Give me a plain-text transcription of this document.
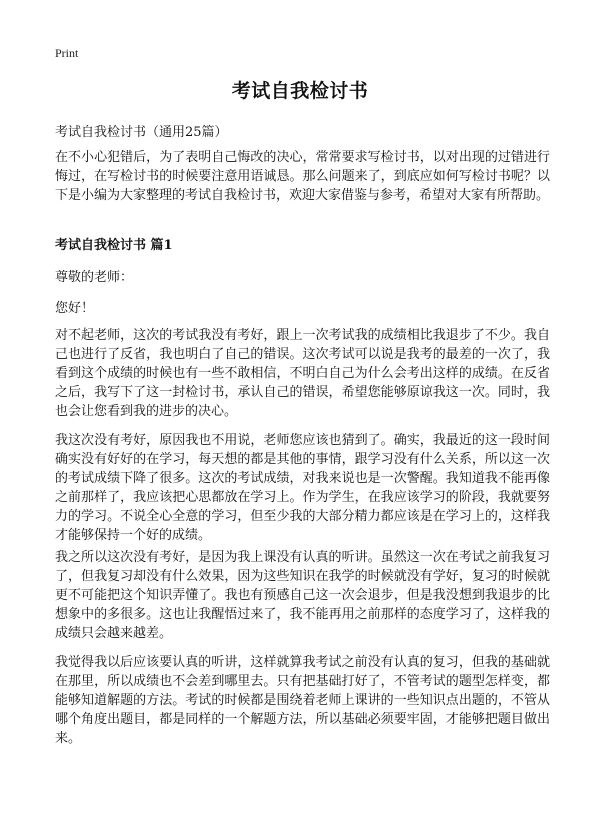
Print
考试自我检讨书
考试自我检讨书（通用25篇）

在不小心犯错后，为了表明自己悔改的决心，常常要求写检讨书，以对出现的过错进行悔过，在写检讨书的时候要注意用语诚恳。那么问题来了，到底应如何写检讨书呢？以下是小编为大家整理的考试自我检讨书，欢迎大家借鉴与参考，希望对大家有所帮助。

考试自我检讨书 篇1
尊敬的老师：
您好！

对不起老师，这次的考试我没有考好，跟上一次考试我的成绩相比我退步了不少。我自己也进行了反省，我也明白了自己的错误。这次考试可以说是我考的最差的一次了，我看到这个成绩的时候也有一些不敢相信，不明白自己为什么会考出这样的成绩。在反省之后，我写下了这一封检讨书，承认自己的错误，希望您能够原谅我这一次。同时，我也会让您看到我的进步的决心。

我这次没有考好，原因我也不用说，老师您应该也猜到了。确实，我最近的这一段时间确实没有好好的在学习，每天想的都是其他的事情，跟学习没有什么关系，所以这一次的考试成绩下降了很多。这次的考试成绩，对我来说也是一次警醒。我知道我不能再像之前那样了，我应该把心思都放在学习上。作为学生，在我应该学习的阶段，我就要努力的学习。不说全心全意的学习，但至少我的大部分精力都应该是在学习上的，这样我才能够保持一个好的成绩。

我之所以这次没有考好，是因为我上课没有认真的听讲。虽然这一次在考试之前我复习了，但我复习却没有什么效果，因为这些知识在我学的时候就没有学好，复习的时候就更不可能把这个知识弄懂了。我也有预感自己这一次会退步，但是我没想到我退步的比想象中的多很多。这也让我醒悟过来了，我不能再用之前那样的态度学习了，这样我的成绩只会越来越差。

我觉得我以后应该要认真的听讲，这样就算我考试之前没有认真的复习，但我的基础就在那里，所以成绩也不会差到哪里去。只有把基础打好了，不管考试的题型怎样变，都能够知道解题的方法。考试的时候都是围绕着老师上课讲的一些知识点出题的，不管从哪个角度出题目，都是同样的一个解题方法，所以基础必须要牢固，才能够把题目做出来。
